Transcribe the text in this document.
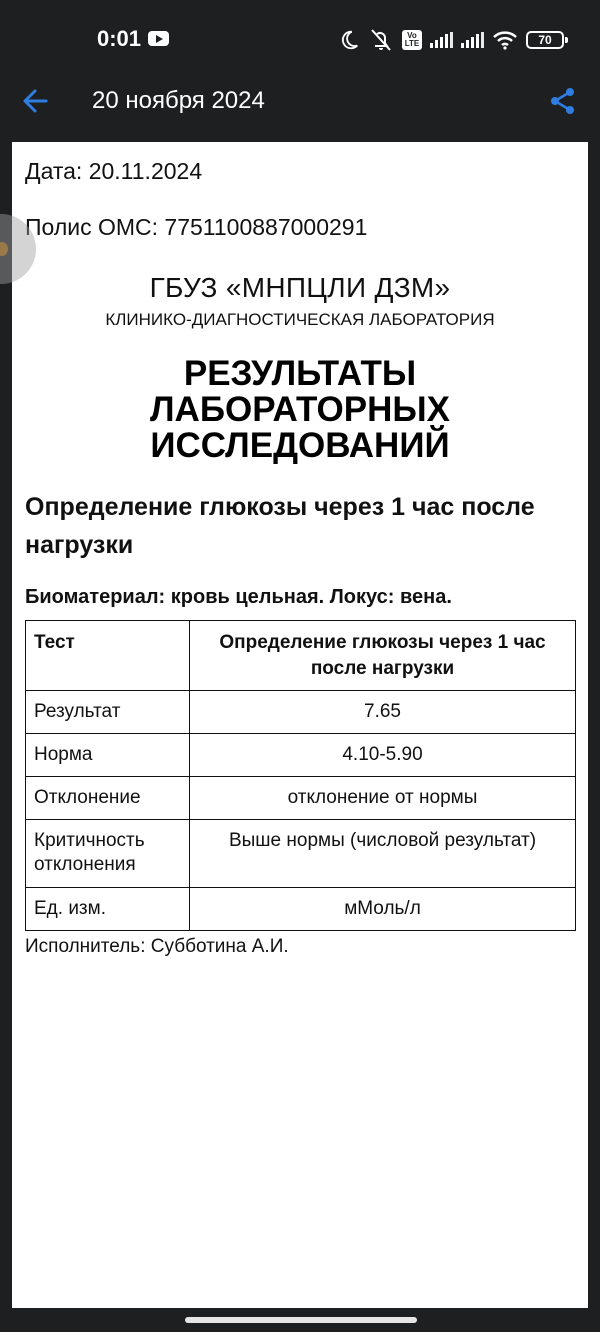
0:01	Vo
LTE	70
20 ноября 2024
Дата: 20.11.2024
Полис ОМС: 7751100887000291
ГБУЗ «МНПЦЛИ ДЗМ»
КЛИНИКО-ДИАГНОСТИЧЕСКАЯ ЛАБОРАТОРИЯ
РЕЗУЛЬТАТЫ
ЛАБОРАТОРНЫХ
ИССЛЕДОВАНИЙ
Определение глюкозы через 1 час после нагрузки
Биоматериал: кровь цельная. Локус: вена.
Тест	Определение глюкозы через 1 час после нагрузки
Результат	7.65
Норма	4.10-5.90
Отклонение	отклонение от нормы
Критичность отклонения	Выше нормы (числовой результат)
Ед. изм.	мМоль/л
Исполнитель: Субботина А.И.
